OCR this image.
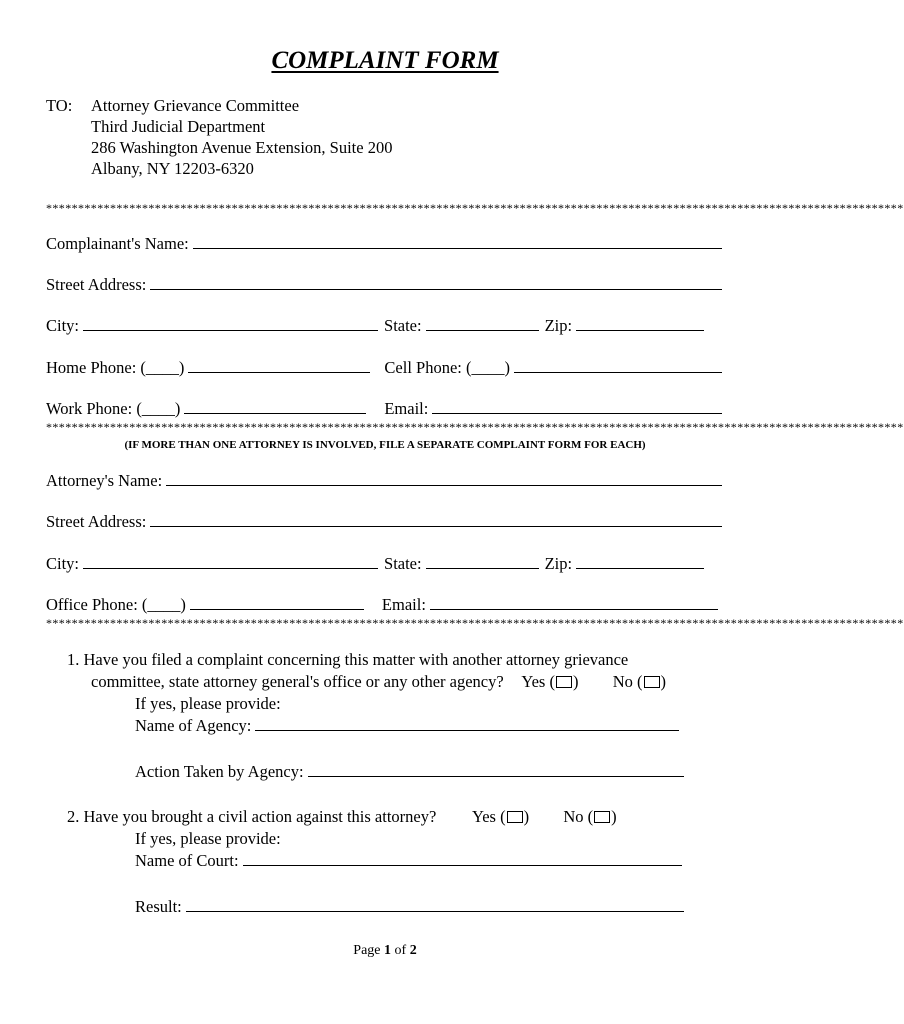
COMPLAINT FORM
TO: Attorney Grievance Committee
Third Judicial Department
286 Washington Avenue Extension, Suite 200
Albany, NY 12203-6320
**************************************************************************************************************************************
Complainant's Name:
Street Address:
City:	State:	Zip:
Home Phone: (____)	Cell Phone: (____)
Work Phone: (____)	Email:
**************************************************************************************************************************************
(IF MORE THAN ONE ATTORNEY IS INVOLVED, FILE A SEPARATE COMPLAINT FORM FOR EACH)
Attorney's Name:
Street Address:
City:	State:	Zip:
Office Phone: (____)	Email:
**************************************************************************************************************************************
1. Have you filed a complaint concerning this matter with another attorney grievance
committee, state attorney general's office or any other agency? Yes ( ) No ( )
If yes, please provide:
Name of Agency:
Action Taken by Agency:
2. Have you brought a civil action against this attorney? Yes ( ) No ( )
If yes, please provide:
Name of Court:
Result:
Page 1 of 2
